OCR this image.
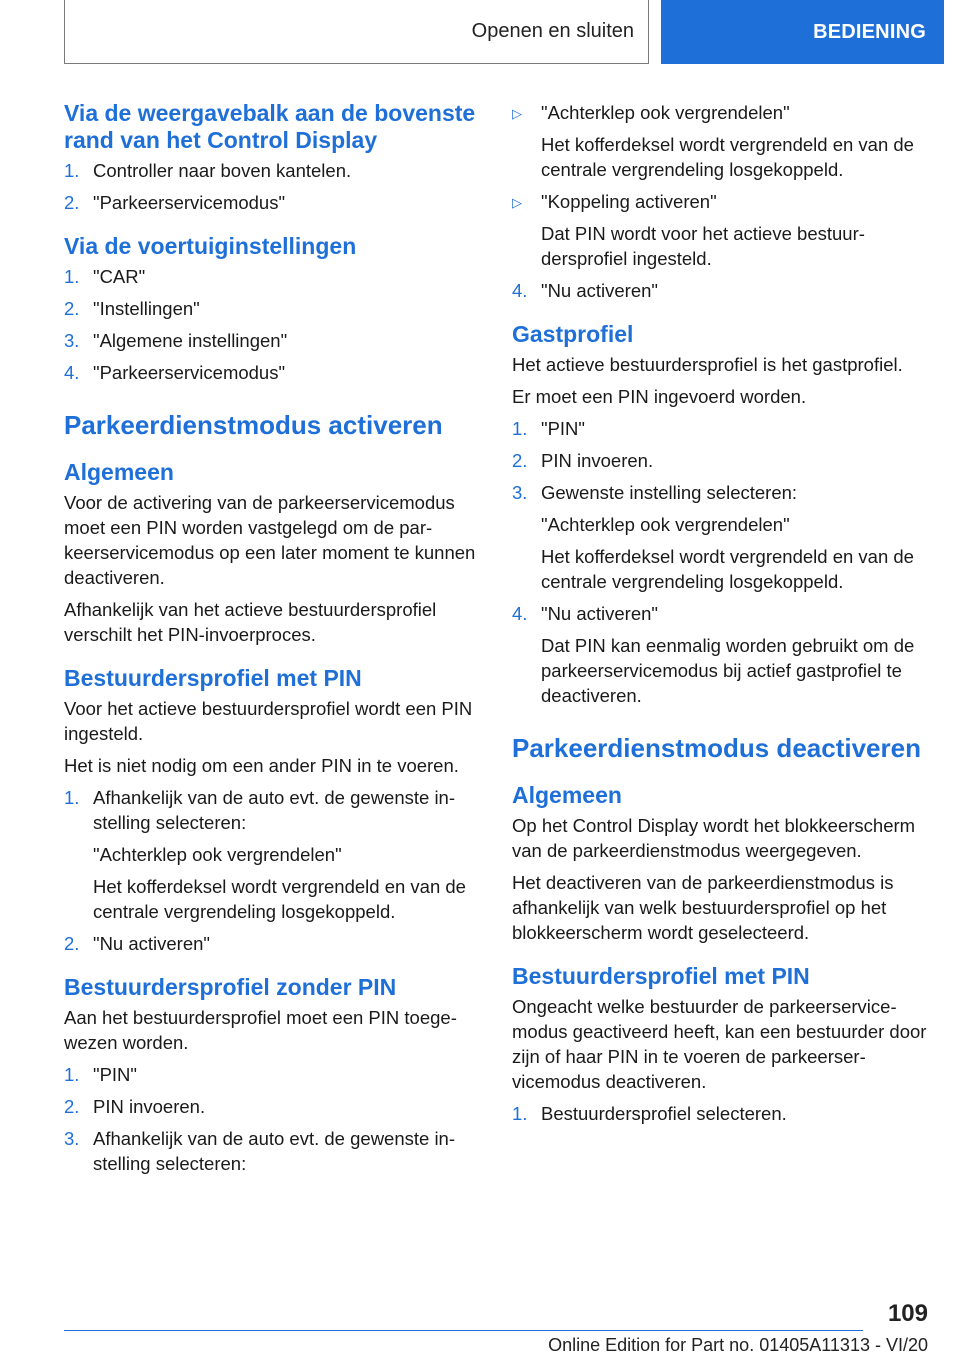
Openen en sluiten	BEDIENING
Via de weergavebalk aan de bovenste rand van het Control Display
1. Controller naar boven kantelen.
2. "Parkeerservicemodus"
Via de voertuiginstellingen
1. "CAR"
2. "Instellingen"
3. "Algemene instellingen"
4. "Parkeerservicemodus"
Parkeerdienstmodus activeren
Algemeen
Voor de activering van de parkeerservicemodus moet een PIN worden vastgelegd om de parkeerservicemodus op een later moment te kunnen deactiveren.
Afhankelijk van het actieve bestuurdersprofiel verschilt het PIN-invoerproces.
Bestuurdersprofiel met PIN
Voor het actieve bestuurdersprofiel wordt een PIN ingesteld.
Het is niet nodig om een ander PIN in te voeren.
1. Afhankelijk van de auto evt. de gewenste instelling selecteren:
"Achterklep ook vergrendelen"
Het kofferdeksel wordt vergrendeld en van de centrale vergrendeling losgekoppeld.
2. "Nu activeren"
Bestuurdersprofiel zonder PIN
Aan het bestuurdersprofiel moet een PIN toegewezen worden.
1. "PIN"
2. PIN invoeren.
3. Afhankelijk van de auto evt. de gewenste instelling selecteren:
▷	"Achterklep ook vergrendelen"
Het kofferdeksel wordt vergrendeld en van de centrale vergrendeling losgekoppeld.
▷	"Koppeling activeren"
Dat PIN wordt voor het actieve bestuurdersprofiel ingesteld.
4. "Nu activeren"
Gastprofiel
Het actieve bestuurdersprofiel is het gastprofiel.
Er moet een PIN ingevoerd worden.
1. "PIN"
2. PIN invoeren.
3. Gewenste instelling selecteren:
"Achterklep ook vergrendelen"
Het kofferdeksel wordt vergrendeld en van de centrale vergrendeling losgekoppeld.
4. "Nu activeren"
Dat PIN kan eenmalig worden gebruikt om de parkeerservicemodus bij actief gastprofiel te deactiveren.
Parkeerdienstmodus deactiveren
Algemeen
Op het Control Display wordt het blokkeerscherm van de parkeerdienstmodus weergegeven.
Het deactiveren van de parkeerdienstmodus is afhankelijk van welk bestuurdersprofiel op het blokkeerscherm wordt geselecteerd.
Bestuurdersprofiel met PIN
Ongeacht welke bestuurder de parkeerservicemodus geactiveerd heeft, kan een bestuurder door zijn of haar PIN in te voeren de parkeerservicemodus deactiveren.
1. Bestuurdersprofiel selecteren.
109
Online Edition for Part no. 01405A11313 - VI/20
